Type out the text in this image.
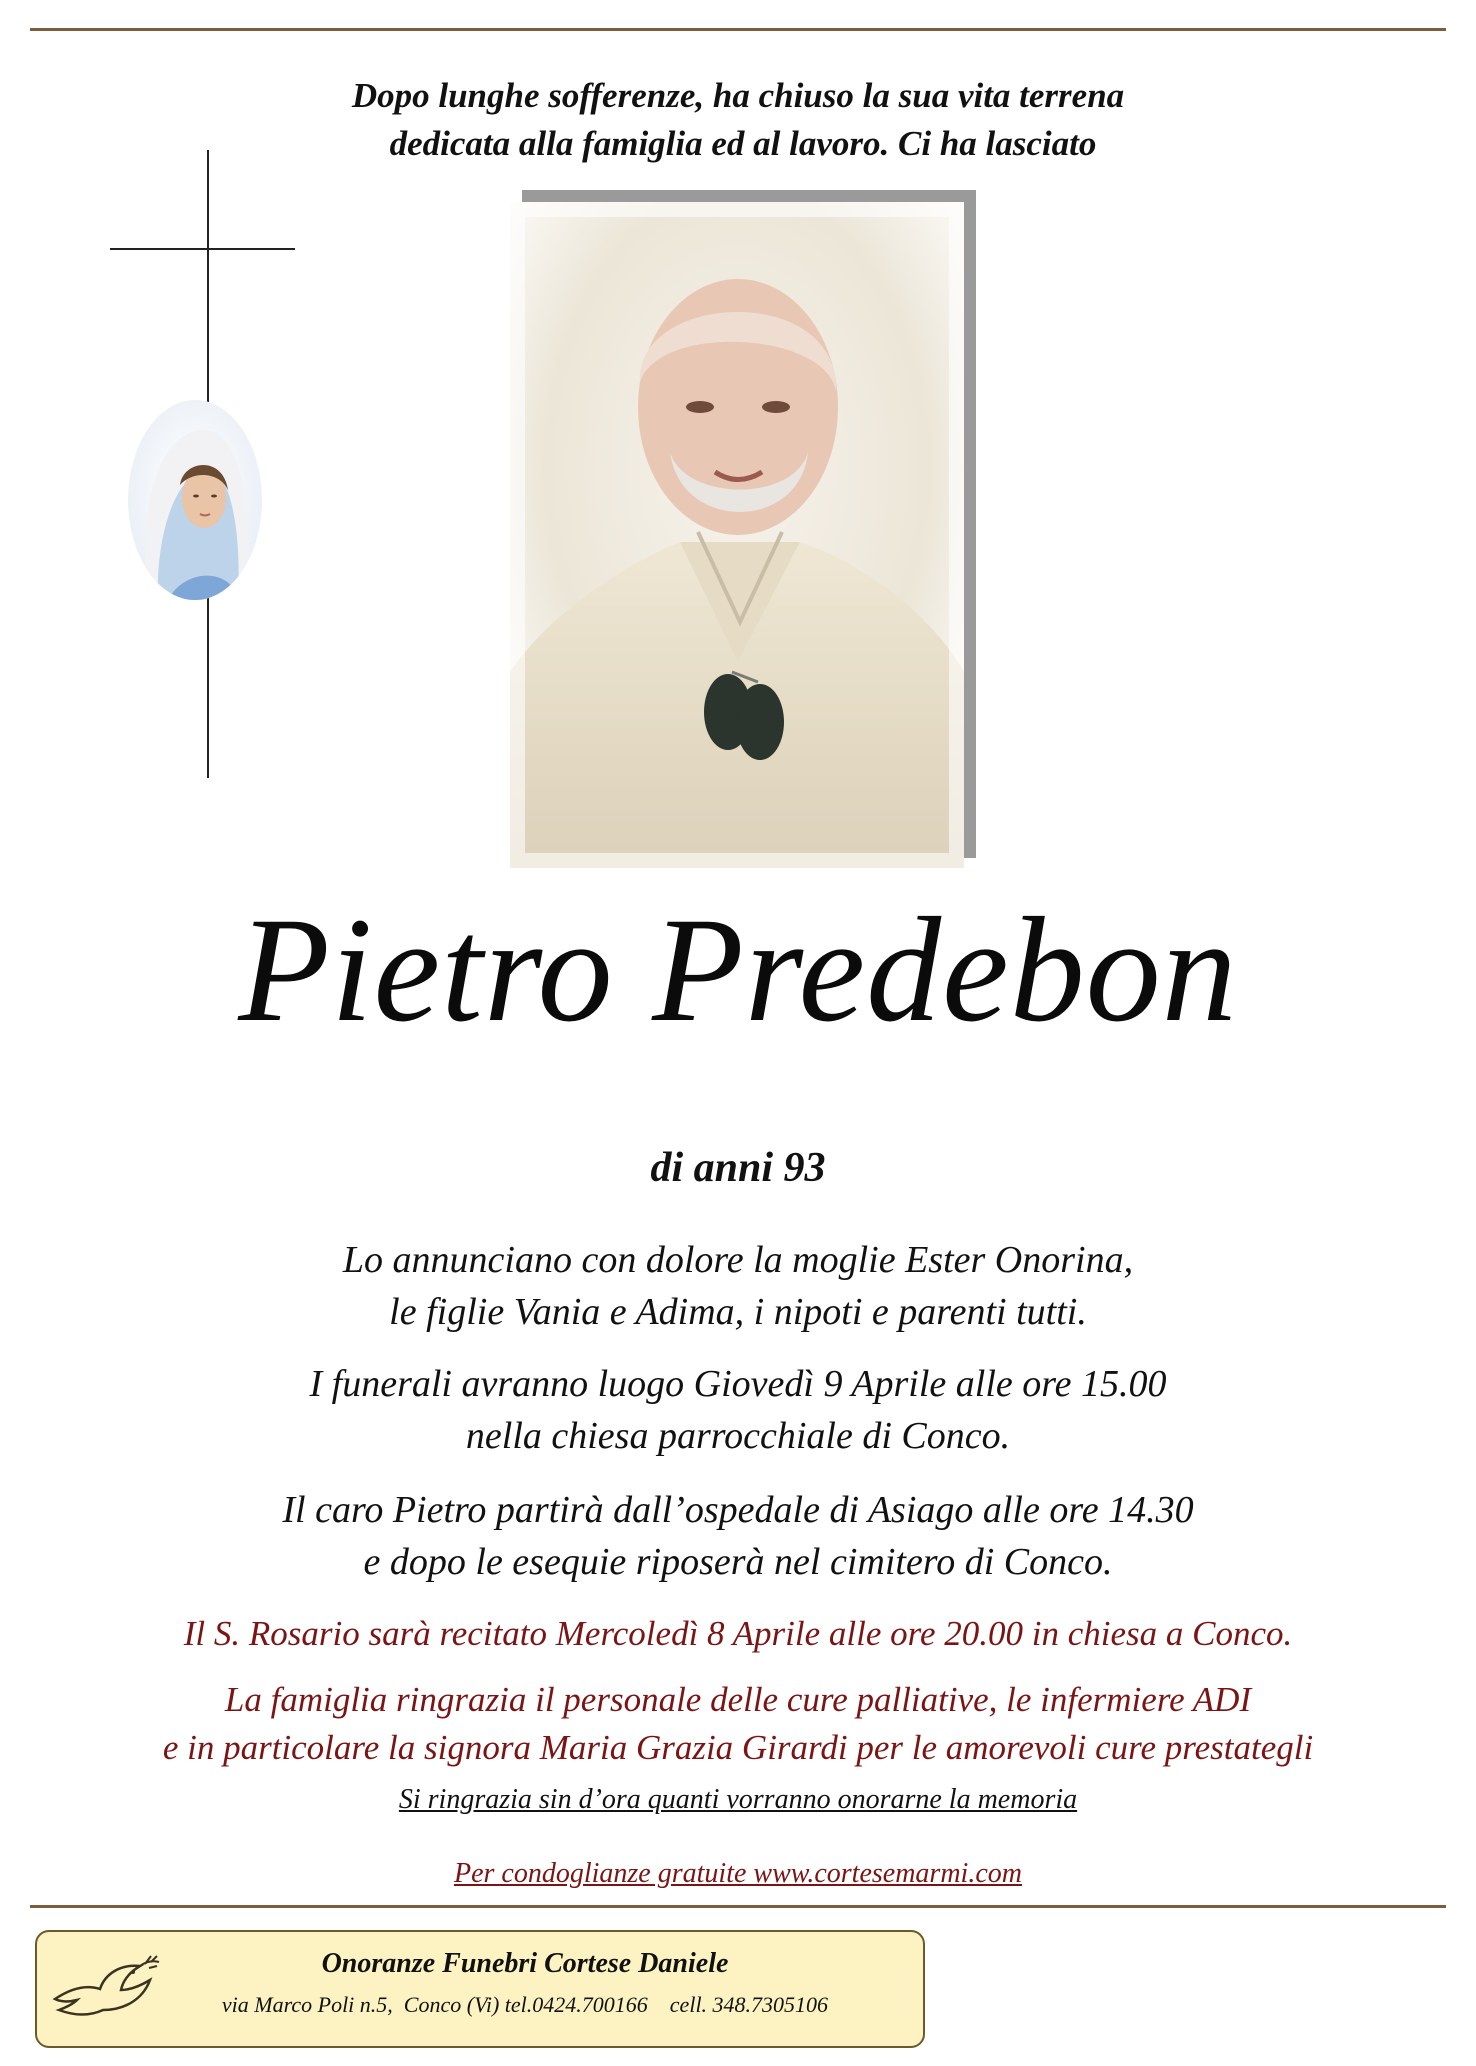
Dopo lunghe sofferenze, ha chiuso la sua vita terrena
dedicata alla famiglia ed al lavoro. Ci ha lasciato
Pietro Predebon
di anni 93
Lo annunciano con dolore la moglie Ester Onorina,
le figlie Vania e Adima, i nipoti e parenti tutti.
I funerali avranno luogo Giovedì 9 Aprile alle ore 15.00
nella chiesa parrocchiale di Conco.
Il caro Pietro partirà dall’ospedale di Asiago alle ore 14.30
e dopo le esequie riposerà nel cimitero di Conco.
Il S. Rosario sarà recitato Mercoledì 8 Aprile alle ore 20.00 in chiesa a Conco.
La famiglia ringrazia il personale delle cure palliative, le infermiere ADI
e in particolare la signora Maria Grazia Girardi per le amorevoli cure prestategli
Si ringrazia sin d’ora quanti vorranno onorarne la memoria
Per condoglianze gratuite www.cortesemarmi.com
Onoranze Funebri Cortese Daniele
via Marco Poli n.5,  Conco (Vi) tel.0424.700166    cell. 348.7305106
